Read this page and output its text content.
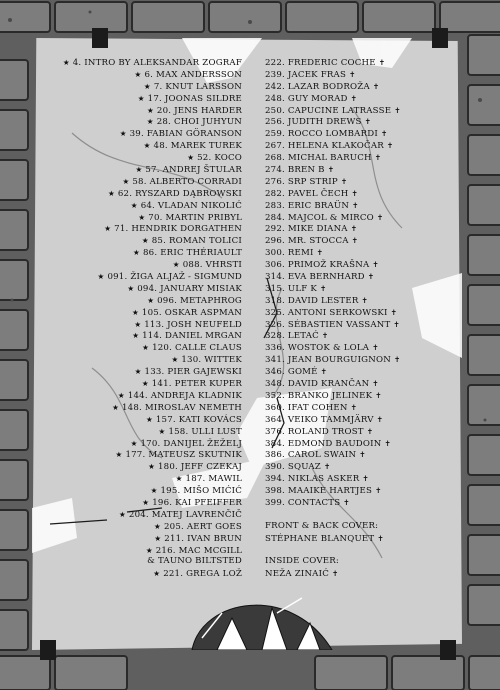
★ 4. INTRO BY ALEKSANDAR ZOGRAF
★ 6. MAX ANDERSSON
★ 7. KNUT LARSSON
★ 17. JOONAS SILDRE
★ 20. JENS HARDER
★ 28. CHOI JUHYUN
★ 39. FABIAN GÖRANSON
★ 48. MAREK TUREK
★ 52. KOCO
★ 57. ANDREJ ŠTULAR
★ 58. ALBERTO CORRADI
★ 62. RYSZARD DĄBROWSKI
★ 64. VLADAN NIKOLIĆ
★ 70. MARTIN PRIBYL
★ 71. HENDRIK DORGATHEN
★ 85. ROMAN TOLICI
★ 86. ERIC THÉRIAULT
★ 088. VHRSTI
★ 091. ŽIGA ALJAŽ - SIGMUND
★ 094. JANUARY MISIAK
★ 096. METAPHROG
★ 105. OSKAR ASPMAN
★ 113. JOSH NEUFELD
★ 114. DANIEL MRGAN
★ 120. CALLE CLAUS
★ 130. WITTEK
★ 133. PIER GAJEWSKI
★ 141. PETER KUPER
★ 144. ANDREJA KLADNIK
★ 148. MIROSLAV NEMETH
★ 157. KATI KOVÁCS
★ 158. ULLI LUST
★ 170. DANIJEL ŽEŽELJ
★ 177. MATEUSZ SKUTNIK
★ 180. JEFF CZEKAJ
★ 187. MAWIL
★ 195. MIŠO MIĆIĆ
★ 196. KAI PFEIFFER
★ 204. MATEJ LAVRENČIČ
★ 205. AERT GOES
★ 211. IVAN BRUN
★ 216. MAC MCGILL
& TAUNO BILTSTED
★ 221. GREGA LOŽ
222. FREDERIC COCHE ✝
239. JACEK FRAS ✝
242. LAZAR BODROŽA ✝
248. GUY MORAD ✝
250. CAPUCINE LATRASSE ✝
256. JUDITH DREWS ✝
259. ROCCO LOMBARDI ✝
267. HELENA KLAKOČAR ✝
268. MICHAL BARUCH ✝
274. BREN B ✝
276. SRP STRIP ✝
282. PAVEL ČECH ✝
283. ERIC BRAÜN ✝
284. MAJCOL & MIRCO ✝
292. MIKE DIANA ✝
296. MR. STOCCA ✝
300. REMI ✝
306. PRIMOŽ KRAŠNA ✝
314. EVA BERNHARD ✝
315. ULF K ✝
318. DAVID LESTER ✝
325. ANTONI SERKOWSKI ✝
326. SÉBASTIEN VASSANT ✝
328. LETAĆ ✝
336. WOSTOK & LOLA ✝
341. JEAN BOURGUIGNON ✝
346. GOMÉ ✝
348. DAVID KRANČAN ✝
352. BRANKO JELINEK ✝
360. IFAT COHEN ✝
364. VEIKO TAMMJÄRV ✝
376. ROLAND TROST ✝
384. EDMOND BAUDOIN ✝
386. CAROL SWAIN ✝
390. SQUAZ ✝
394. NIKLAS ASKER ✝
398. MAAIKE HARTJES ✝
399. CONTACTS ✝
FRONT & BACK COVER:
STÉPHANE BLANQUET ✝
INSIDE COVER:
NEŽA ZINAIĆ ✝
